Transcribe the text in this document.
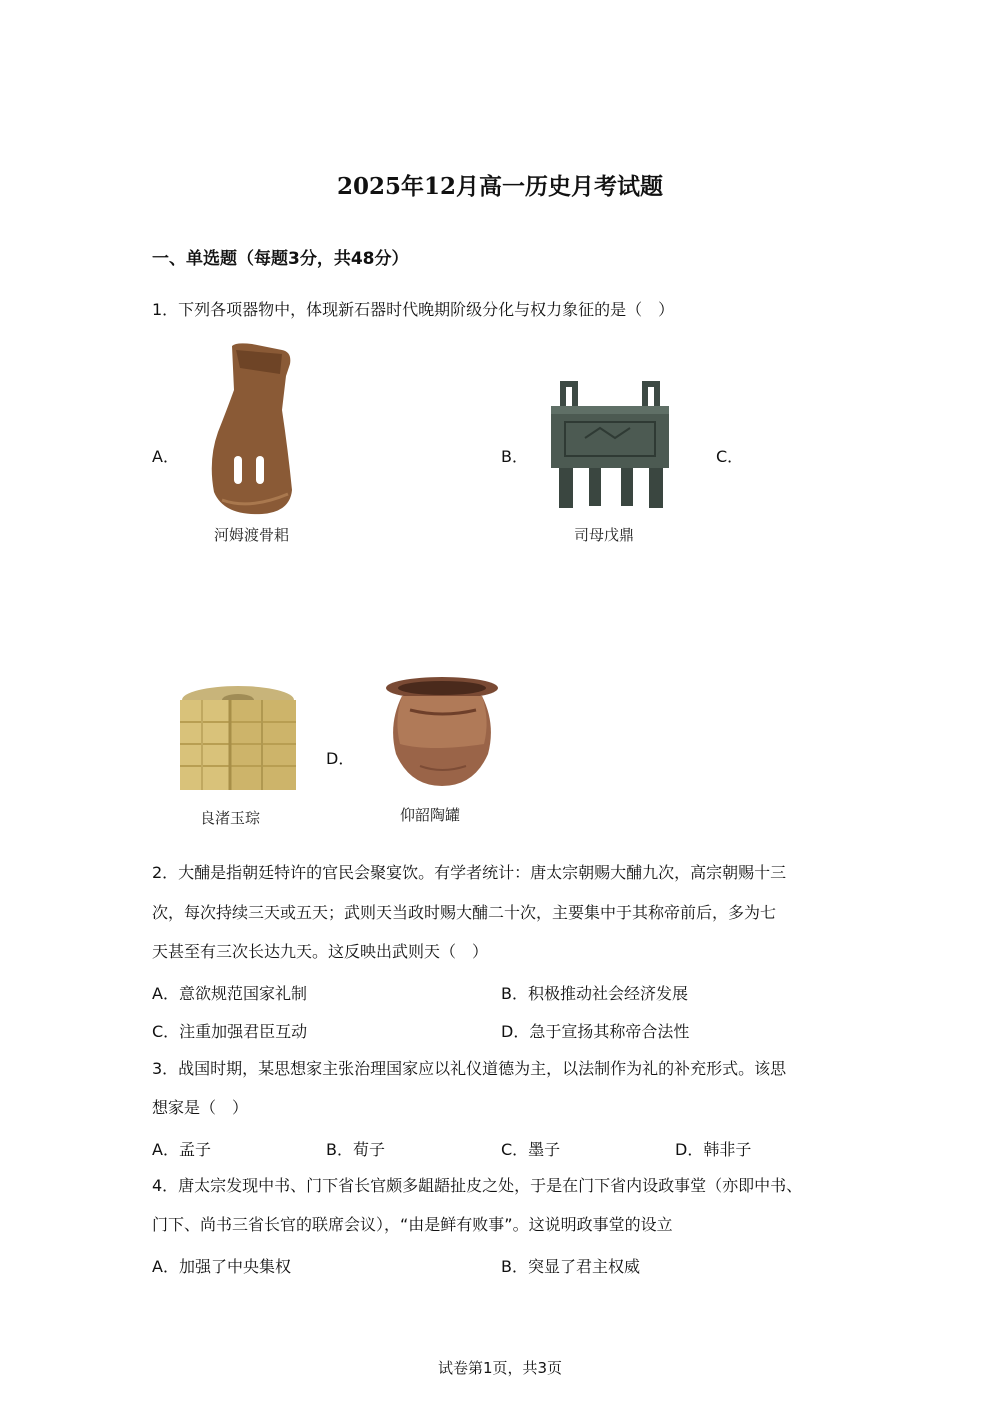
2025年12月高一历史月考试题
一、单选题（每题3分，共48分）
1．下列各项器物中，体现新石器时代晚期阶级分化与权力象征的是（　）
A．
河姆渡骨耜
B．
司母戊鼎
C．
D．
良渚玉琮	仰韶陶罐
2．大酺是指朝廷特许的官民会聚宴饮。有学者统计：唐太宗朝赐大酺九次，高宗朝赐十三
次，每次持续三天或五天；武则天当政时赐大酺二十次，主要集中于其称帝前后，多为七
天甚至有三次长达九天。这反映出武则天（　）
A．意欲规范国家礼制	B．积极推动社会经济发展
C．注重加强君臣互动	D．急于宣扬其称帝合法性
3．战国时期，某思想家主张治理国家应以礼仪道德为主，以法制作为礼的补充形式。该思
想家是（　）
A．孟子	B．荀子	C．墨子	D．韩非子
4．唐太宗发现中书、门下省长官颇多龃龉扯皮之处，于是在门下省内设政事堂（亦即中书、
门下、尚书三省长官的联席会议），“由是鲜有败事”。这说明政事堂的设立
A．加强了中央集权	B．突显了君主权威
试卷第1页，共3页
